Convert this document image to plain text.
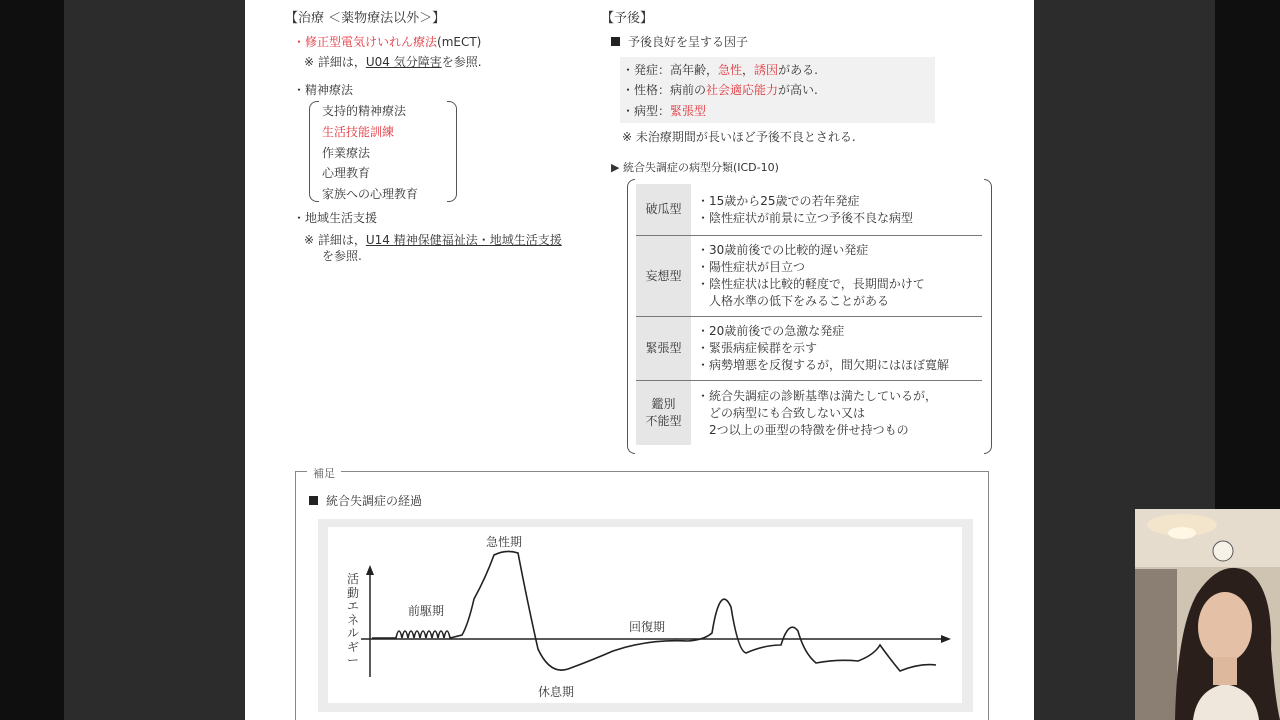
【治療 ＜薬物療法以外＞】
・修正型電気けいれん療法(mECT)
※ 詳細は，U04 気分障害を参照.
・精神療法
支持的精神療法
生活技能訓練
作業療法
心理教育
家族への心理教育
・地域生活支援
※ 詳細は，U14 精神保健福祉法・地域生活支援
を参照.
【予後】
予後良好を呈する因子
・発症：高年齢，急性，誘因がある.
・性格：病前の社会適応能力が高い.
・病型：緊張型
※ 未治療期間が長いほど予後不良とされる.
▶ 統合失調症の病型分類(ICD-10)
破瓜型	・15歳から25歳での若年発症
・陰性症状が前景に立つ予後不良な病型

妄想型	・30歳前後での比較的遅い発症
・陽性症状が目立つ
・陰性症状は比較的軽度で，長期間かけて
　人格水準の低下をみることがある

緊張型	・20歳前後での急激な発症
・緊張病症候群を示す
・病勢増悪を反復するが，間欠期にはほぼ寛解

鑑別
不能型	・統合失調症の診断基準は満たしているが，
　どの病型にも合致しない又は
　2つ以上の亜型の特徴を併せ持つもの
補足
統合失調症の経過
活動エネルギー
前駆期
急性期
休息期
回復期
